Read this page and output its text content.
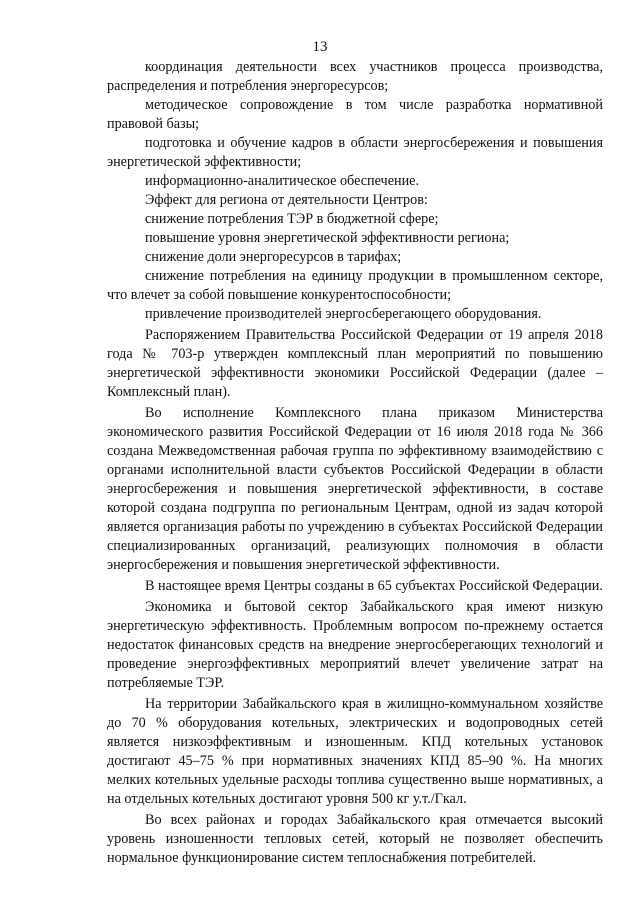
13

координация деятельности всех участников процесса производства, распределения и потребления энергоресурсов;

методическое сопровождение в том числе разработка нормативной правовой базы;

подготовка и обучение кадров в области энергосбережения и повышения энергетической эффективности;

информационно-аналитическое обеспечение.

Эффект для региона от деятельности Центров:

снижение потребления ТЭР в бюджетной сфере;

повышение уровня энергетической эффективности региона;

снижение доли энергоресурсов в тарифах;

снижение потребления на единицу продукции в промышленном секторе, что влечет за собой повышение конкурентоспособности;

привлечение производителей энергосберегающего оборудования.

Распоряжением Правительства Российской Федерации от 19 апреля 2018 года № 703-р утвержден комплексный план мероприятий по повышению энергетической эффективности экономики Российской Федерации (далее – Комплексный план).

Во исполнение Комплексного плана приказом Министерства экономического развития Российской Федерации от 16 июля 2018 года № 366 создана Межведомственная рабочая группа по эффективному взаимодействию с органами исполнительной власти субъектов Российской Федерации в области энергосбережения и повышения энергетической эффективности, в составе которой создана подгруппа по региональным Центрам, одной из задач которой является организация работы по учреждению в субъектах Российской Федерации специализированных организаций, реализующих полномочия в области энергосбережения и повышения энергетической эффективности.

В настоящее время Центры созданы в 65 субъектах Российской Федерации.

Экономика и бытовой сектор Забайкальского края имеют низкую энергетическую эффективность. Проблемным вопросом по-прежнему остается недостаток финансовых средств на внедрение энергосберегающих технологий и проведение энергоэффективных мероприятий влечет увеличение затрат на потребляемые ТЭР.

На территории Забайкальского края в жилищно-коммунальном хозяйстве до 70 % оборудования котельных, электрических и водопроводных сетей является низкоэффективным и изношенным. КПД котельных установок достигают 45–75 % при нормативных значениях КПД 85–90 %. На многих мелких котельных удельные расходы топлива существенно выше нормативных, а на отдельных котельных достигают уровня 500 кг у.т./Гкал.

Во всех районах и городах Забайкальского края отмечается высокий уровень изношенности тепловых сетей, который не позволяет обеспечить нормальное функционирование систем теплоснабжения потребителей.
